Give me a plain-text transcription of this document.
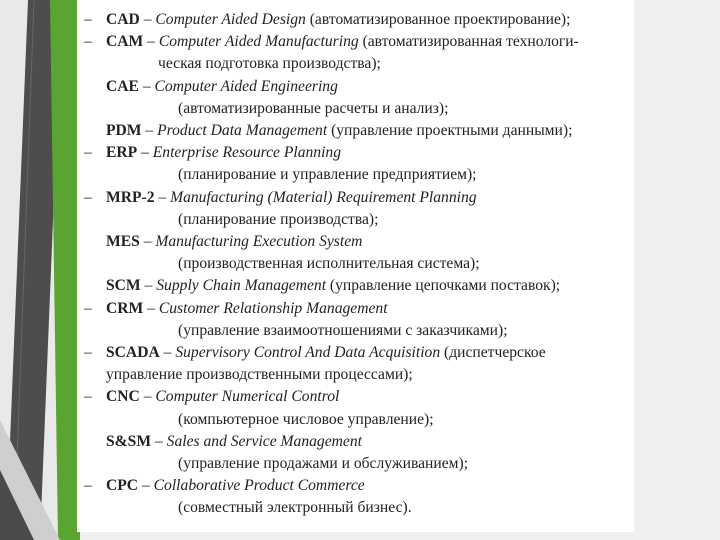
– CAD – Computer Aided Design (автоматизированное проектирование);
– CAM – Computer Aided Manufacturing (автоматизированная технологи-
ческая подготовка производства);
CAE – Computer Aided Engineering
(автоматизированные расчеты и анализ);
PDM – Product Data Management (управление проектными данными);
– ERP – Enterprise Resource Planning
(планирование и управление предприятием);
– MRP-2 – Manufacturing (Material) Requirement Planning
(планирование производства);
MES – Manufacturing Execution System
(производственная исполнительная система);
SCM – Supply Chain Management (управление цепочками поставок);
– CRM – Customer Relationship Management
(управление взаимоотношениями с заказчиками);
– SCADA – Supervisory Control And Data Acquisition (диспетчерское
управление производственными процессами);
– CNC – Computer Numerical Control
(компьютерное числовое управление);
S&SM – Sales and Service Management
(управление продажами и обслуживанием);
– CPC – Collaborative Product Commerce
(совместный электронный бизнес).
